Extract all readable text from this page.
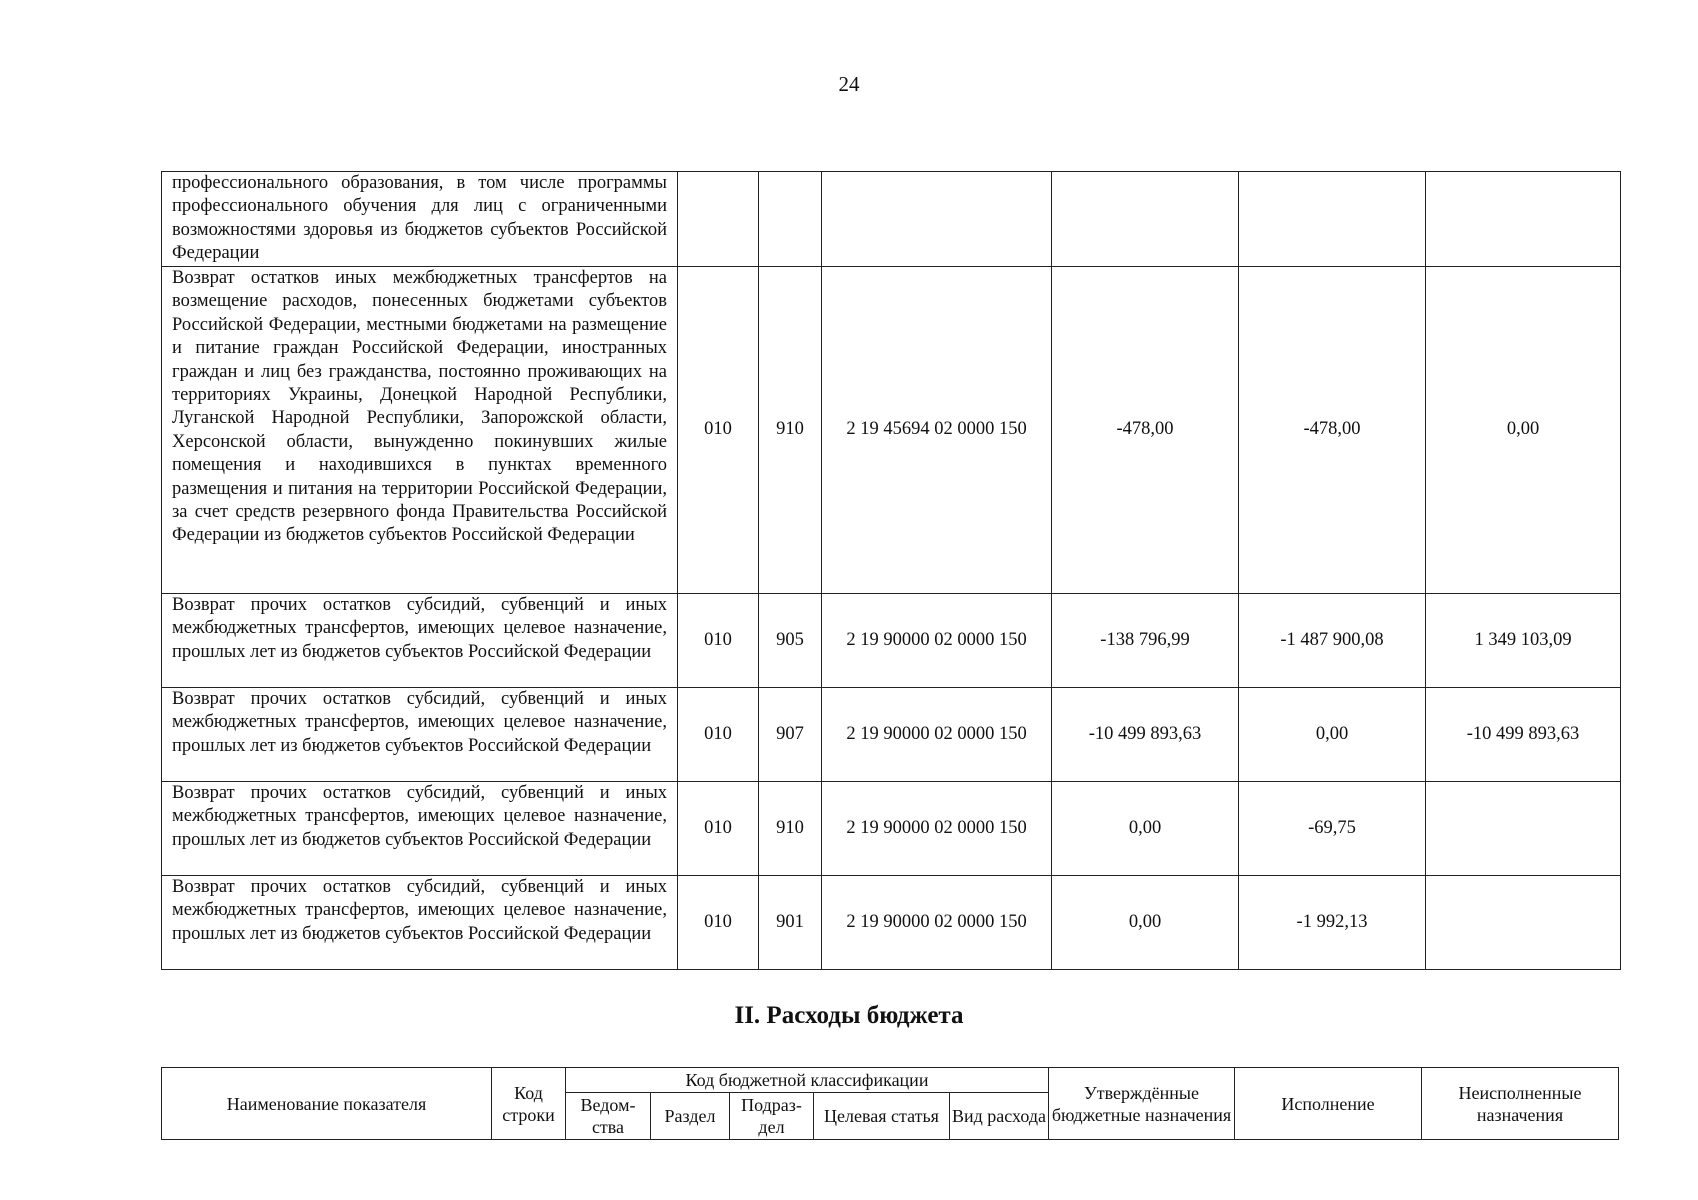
24
профессионального образования, в том числе программы профессионального обучения для лиц с ограниченными возможностями здоровья из бюджетов субъектов Российской Федерации						
Возврат остатков иных межбюджетных трансфертов на возмещение расходов, понесенных бюджетами субъектов Российской Федерации, местными бюджетами на размещение и питание граждан Российской Федерации, иностранных граждан и лиц без гражданства, постоянно проживающих на территориях Украины, Донецкой Народной Республики, Луганской Народной Республики, Запорожской области, Херсонской области, вынужденно покинувших жилые помещения и находившихся в пунктах временного размещения и питания на территории Российской Федерации, за счет средств резервного фонда Правительства Российской Федерации из бюджетов субъектов Российской Федерации	010	910	2 19 45694 02 0000 150	-478,00	-478,00	0,00
Возврат прочих остатков субсидий, субвенций и иных межбюджетных трансфертов, имеющих целевое назначение, прошлых лет из бюджетов субъектов Российской Федерации	010	905	2 19 90000 02 0000 150	-138 796,99	-1 487 900,08	1 349 103,09
Возврат прочих остатков субсидий, субвенций и иных межбюджетных трансфертов, имеющих целевое назначение, прошлых лет из бюджетов субъектов Российской Федерации	010	907	2 19 90000 02 0000 150	-10 499 893,63	0,00	-10 499 893,63
Возврат прочих остатков субсидий, субвенций и иных межбюджетных трансфертов, имеющих целевое назначение, прошлых лет из бюджетов субъектов Российской Федерации	010	910	2 19 90000 02 0000 150	0,00	-69,75	
Возврат прочих остатков субсидий, субвенций и иных межбюджетных трансфертов, имеющих целевое назначение, прошлых лет из бюджетов субъектов Российской Федерации	010	901	2 19 90000 02 0000 150	0,00	-1 992,13	
II. Расходы бюджета
Наименование показателя	Код строки	Код бюджетной классификации					Утверждённые бюджетные назначения	Исполнение	Неисполненные назначения
		Ведом-ства	Раздел	Подраз-дел	Целевая статья	Вид расхода			
